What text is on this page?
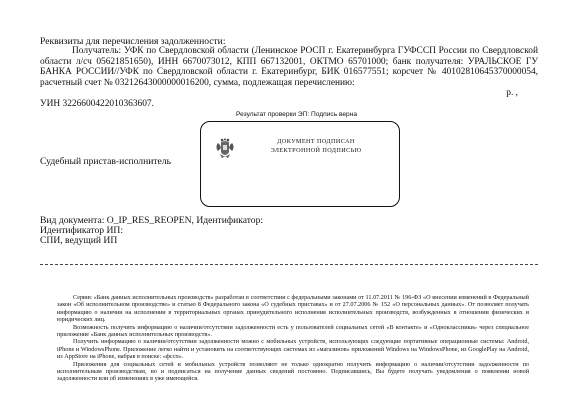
Реквизиты для перечисления задолженности:

Получатель: УФК по Свердловской области (Ленинское РОСП г. Екатеринбурга ГУФССП России по Свердловской области л/сч 05621851650), ИНН 6670073012, КПП 667132001, ОКТМО 65701000; банк получателя: УРАЛЬСКОЕ ГУ БАНКА РОССИИ//УФК по Свердловской области г. Екатеринбург, БИК 016577551; корсчет № 40102810645370000054, расчетный счет № 03212643000000016200, сумма, подлежащая перечислению:

р. ,

УИН 3226600422010363607.

Результат проверки ЭП: Подпись верна
ДОКУМЕНТ ПОДПИСАН
ЭЛЕКТРОННОЙ ПОДПИСЬЮ
Судебный пристав-исполнитель
Вид документа: O_IP_RES_REOPEN, Идентификатор:
Идентификатор ИП:
СПИ, ведущий ИП

Сервис «Банк данных исполнительных производств» разработан в соответствии с федеральными законами от 11.07.2011 № 196-ФЗ «О внесении изменений в Федеральный закон «Об исполнительном производстве» и статью 8 Федерального закона «О судебных приставах» и от 27.07.2006 № 152 «О персональных данных». От позволяет получать информацию о наличии на исполнении в территориальных органах принудительного исполнения исполнительных производств, возбужденных в отношении физических и юридических лиц.

Возможность получить информацию о наличии/отсутствии задолженности есть у пользователей социальных сетей «В контакте» и «Одноклассники» через специальное приложение «Банк данных исполнительных производств».

Получить информацию о наличии/отсутствии задолженности можно с мобильных устройств, использующих следующие портативные операционные системы: Android, iPhone и WindowsPhone. Приложение легко найти и установить на соответствующих системах из «магазинов» приложений Windows на WindowsPhone, из GooglePlay на Android, из AppStore на iPhone, набрав в поиске: «фссп».

Приложения для социальных сетей и мобильных устройств позволяют не только однократно получить информацию о наличии/отсутствии задолженности по исполнительным производствам, но и подписаться на получение данных сведений постоянно. Подписавшись, Вы будете получать уведомления о появлении новой задолженности или об изменениях в уже имеющейся.
